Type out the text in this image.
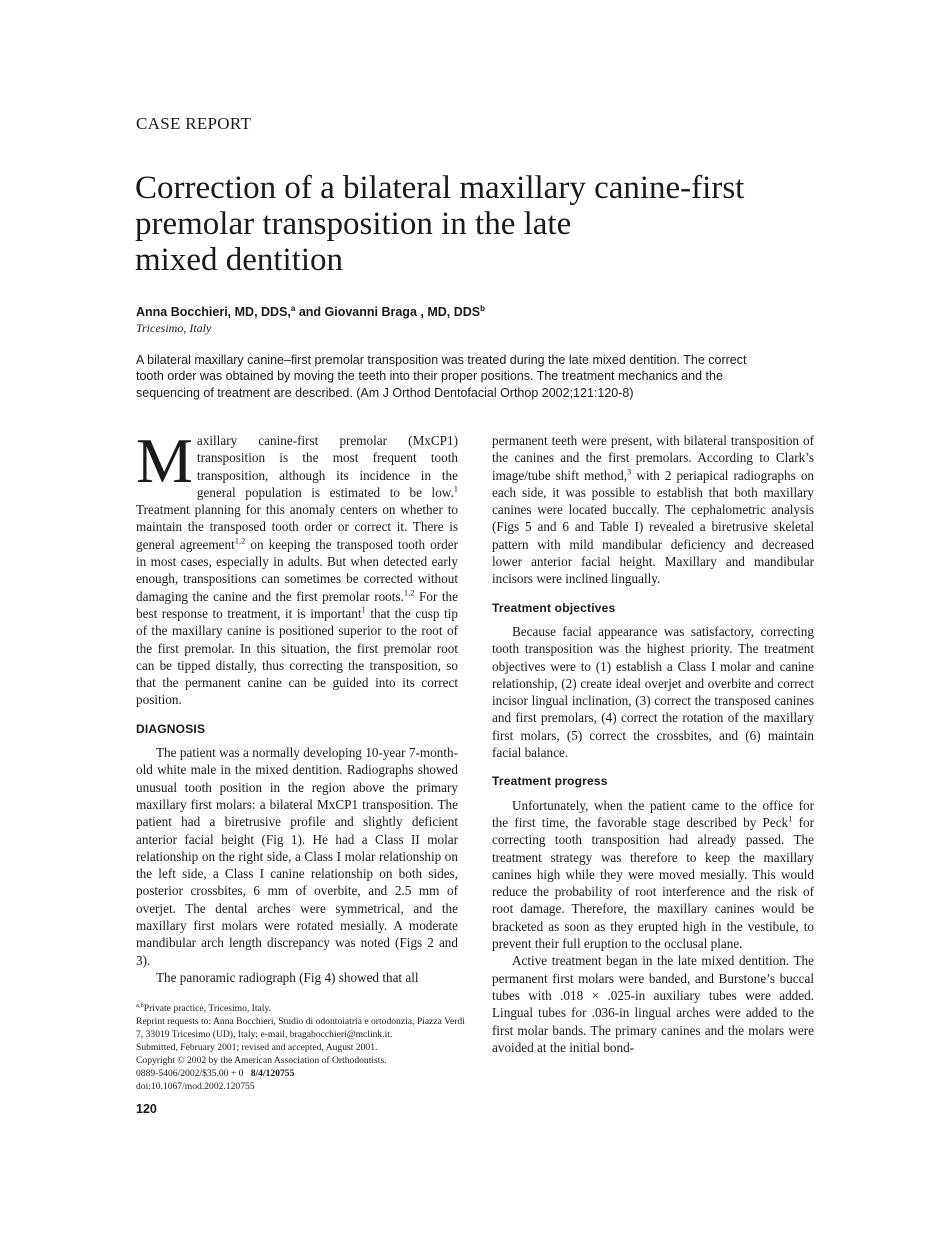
CASE REPORT
Correction of a bilateral maxillary canine-first
premolar transposition in the late
mixed dentition
Anna Bocchieri, MD, DDS,$^a$ and Giovanni Braga , MD, DDS$^b$
Tricesimo, Italy

A bilateral maxillary canine–first premolar transposition was treated during the late mixed dentition. The correct tooth order was obtained by moving the teeth into their proper positions. The treatment mechanics and the sequencing of treatment are described. (Am J Orthod Dentofacial Orthop 2002;121:120-8)

Maxillary canine-first premolar (MxCP1) transposition is the most frequent tooth transposition, although its incidence in the general population is estimated to be low.$^1$ Treatment planning for this anomaly centers on whether to maintain the transposed tooth order or correct it. There is general agreement$^{1,2}$ on keeping the transposed tooth order in most cases, especially in adults. But when detected early enough, transpositions can sometimes be corrected without damaging the canine and the first premolar roots.$^{1,2}$ For the best response to treatment, it is important$^1$ that the cusp tip of the maxillary canine is positioned superior to the root of the first premolar. In this situation, the first premolar root can be tipped distally, thus correcting the transposition, so that the permanent canine can be guided into its correct position.

DIAGNOSIS

The patient was a normally developing 10-year 7-month-old white male in the mixed dentition. Radiographs showed unusual tooth position in the region above the primary maxillary first molars: a bilateral MxCP1 transposition. The patient had a biretrusive profile and slightly deficient anterior facial height (Fig 1). He had a Class II molar relationship on the right side, a Class I molar relationship on the left side, a Class I canine relationship on both sides, posterior crossbites, 6 mm of overbite, and 2.5 mm of overjet. The dental arches were symmetrical, and the maxillary first molars were rotated mesially. A moderate mandibular arch length discrepancy was noted (Figs 2 and 3).

The panoramic radiograph (Fig 4) showed that all

permanent teeth were present, with bilateral transposition of the canines and the first premolars. According to Clark’s image/tube shift method,$^3$ with 2 periapical radiographs on each side, it was possible to establish that both maxillary canines were located buccally. The cephalometric analysis (Figs 5 and 6 and Table I) revealed a biretrusive skeletal pattern with mild mandibular deficiency and decreased lower anterior facial height. Maxillary and mandibular incisors were inclined lingually.

Treatment objectives

Because facial appearance was satisfactory, correcting tooth transposition was the highest priority. The treatment objectives were to (1) establish a Class I molar and canine relationship, (2) create ideal overjet and overbite and correct incisor lingual inclination, (3) correct the transposed canines and first premolars, (4) correct the rotation of the maxillary first molars, (5) correct the crossbites, and (6) maintain facial balance.

Treatment progress

Unfortunately, when the patient came to the office for the first time, the favorable stage described by Peck$^1$ for correcting tooth transposition had already passed. The treatment strategy was therefore to keep the maxillary canines high while they were moved mesially. This would reduce the probability of root interference and the risk of root damage. Therefore, the maxillary canines would be bracketed as soon as they erupted high in the vestibule, to prevent their full eruption to the occlusal plane.

Active treatment began in the late mixed dentition. The permanent first molars were banded, and Burstone’s buccal tubes with .018 × .025-in auxiliary tubes were added. Lingual tubes for .036-in lingual arches were added to the first molar bands. The primary canines and the molars were avoided at the initial bond-

$^{a,b}$Private practice, Tricesimo, Italy.

Reprint requests to: Anna Bocchieri, Studio di odontoiatria e ortodonzia, Piazza Verdi 7, 33019 Tricesimo (UD), Italy; e-mail, bragabocchieri@mclink.it.

Submitted, February 2001; revised and accepted, August 2001.

Copyright © 2002 by the American Association of Orthodontists.

0889-5406/2002/$35.00 + 0 8/4/120755

doi:10.1067/mod.2002.120755

120
